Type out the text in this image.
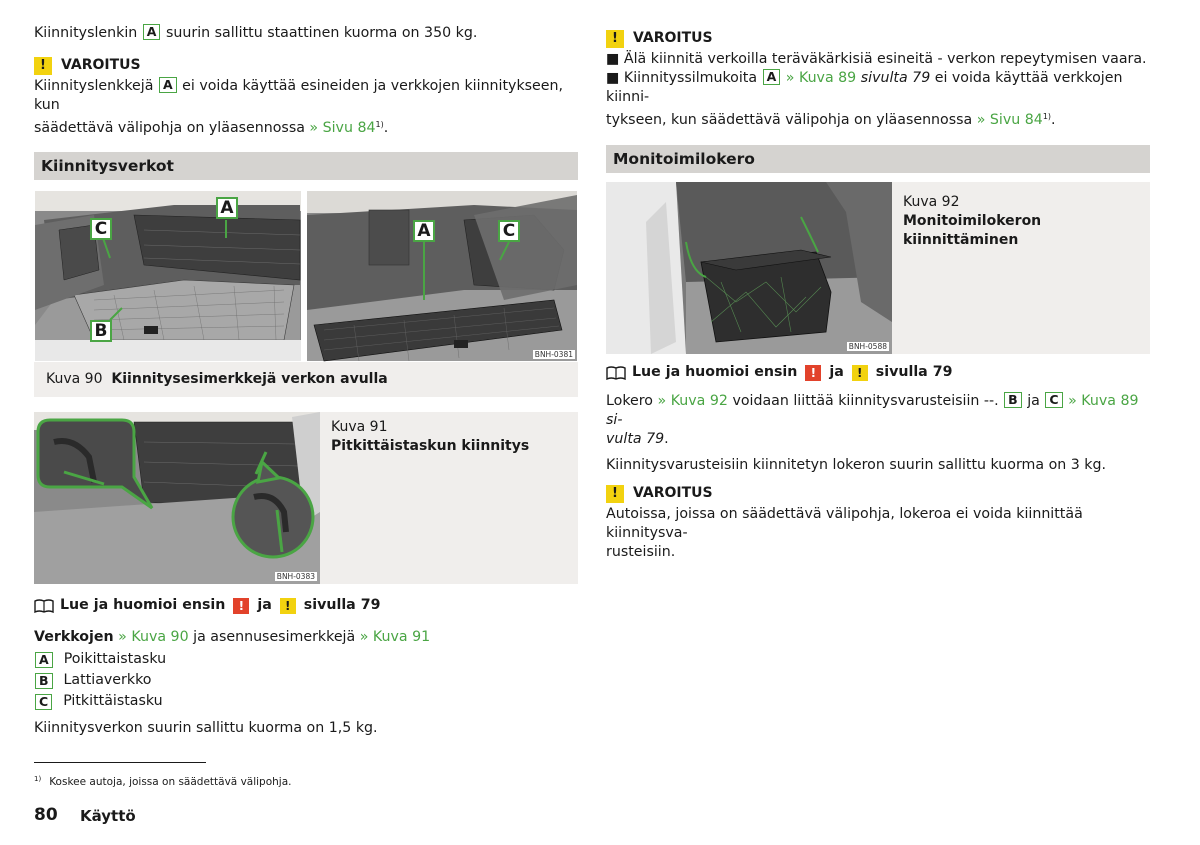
Kiinnityslenkin A suurin sallittu staattinen kuorma on 350 kg.

!	VAROITUS

Kiinnityslenkkejä A ei voida käyttää esineiden ja verkkojen kiinnitykseen, kun
säädettävä välipohja on yläasennossa » Sivu 84$^{1)}$.

Kiinnitysverkot
A
C
B
A	C
BNH-0381
Kuva 90 Kiinnitysesimerkkejä verkon avulla
BNH-0383
Kuva 91
Pitkittäistaskun kiinnitys
Lue ja huomioi ensin	! ja	! sivulla 79

Verkkojen » Kuva 90 ja asennusesimerkkejä » Kuva 91

A Poikittaistasku
B Lattiaverkko
C Pitkittäistasku

Kiinnitysverkon suurin sallittu kuorma on 1,5 kg.

$^{1)}$ Koskee autoja, joissa on säädettävä välipohja.
80 Käyttö
!	VAROITUS

■ Älä kiinnitä verkoilla teräväkärkisiä esineitä - verkon repeytymisen vaara.
■ Kiinnityssilmukoita A » Kuva 89 sivulta 79 ei voida käyttää verkkojen kiinni-
tykseen, kun säädettävä välipohja on yläasennossa » Sivu 84$^{1)}$.

Monitoimilokero
BNH-0588
Kuva 92
Monitoimilokeron kiinnittäminen
Lue ja huomioi ensin	! ja	! sivulla 79

Lokero » Kuva 92 voidaan liittää kiinnitysvarusteisiin --. B ja C » Kuva 89 si-
vulta 79.

Kiinnitysvarusteisiin kiinnitetyn lokeron suurin sallittu kuorma on 3 kg.

!	VAROITUS

Autoissa, joissa on säädettävä välipohja, lokeroa ei voida kiinnittää kiinnitysva-
rusteisiin.
